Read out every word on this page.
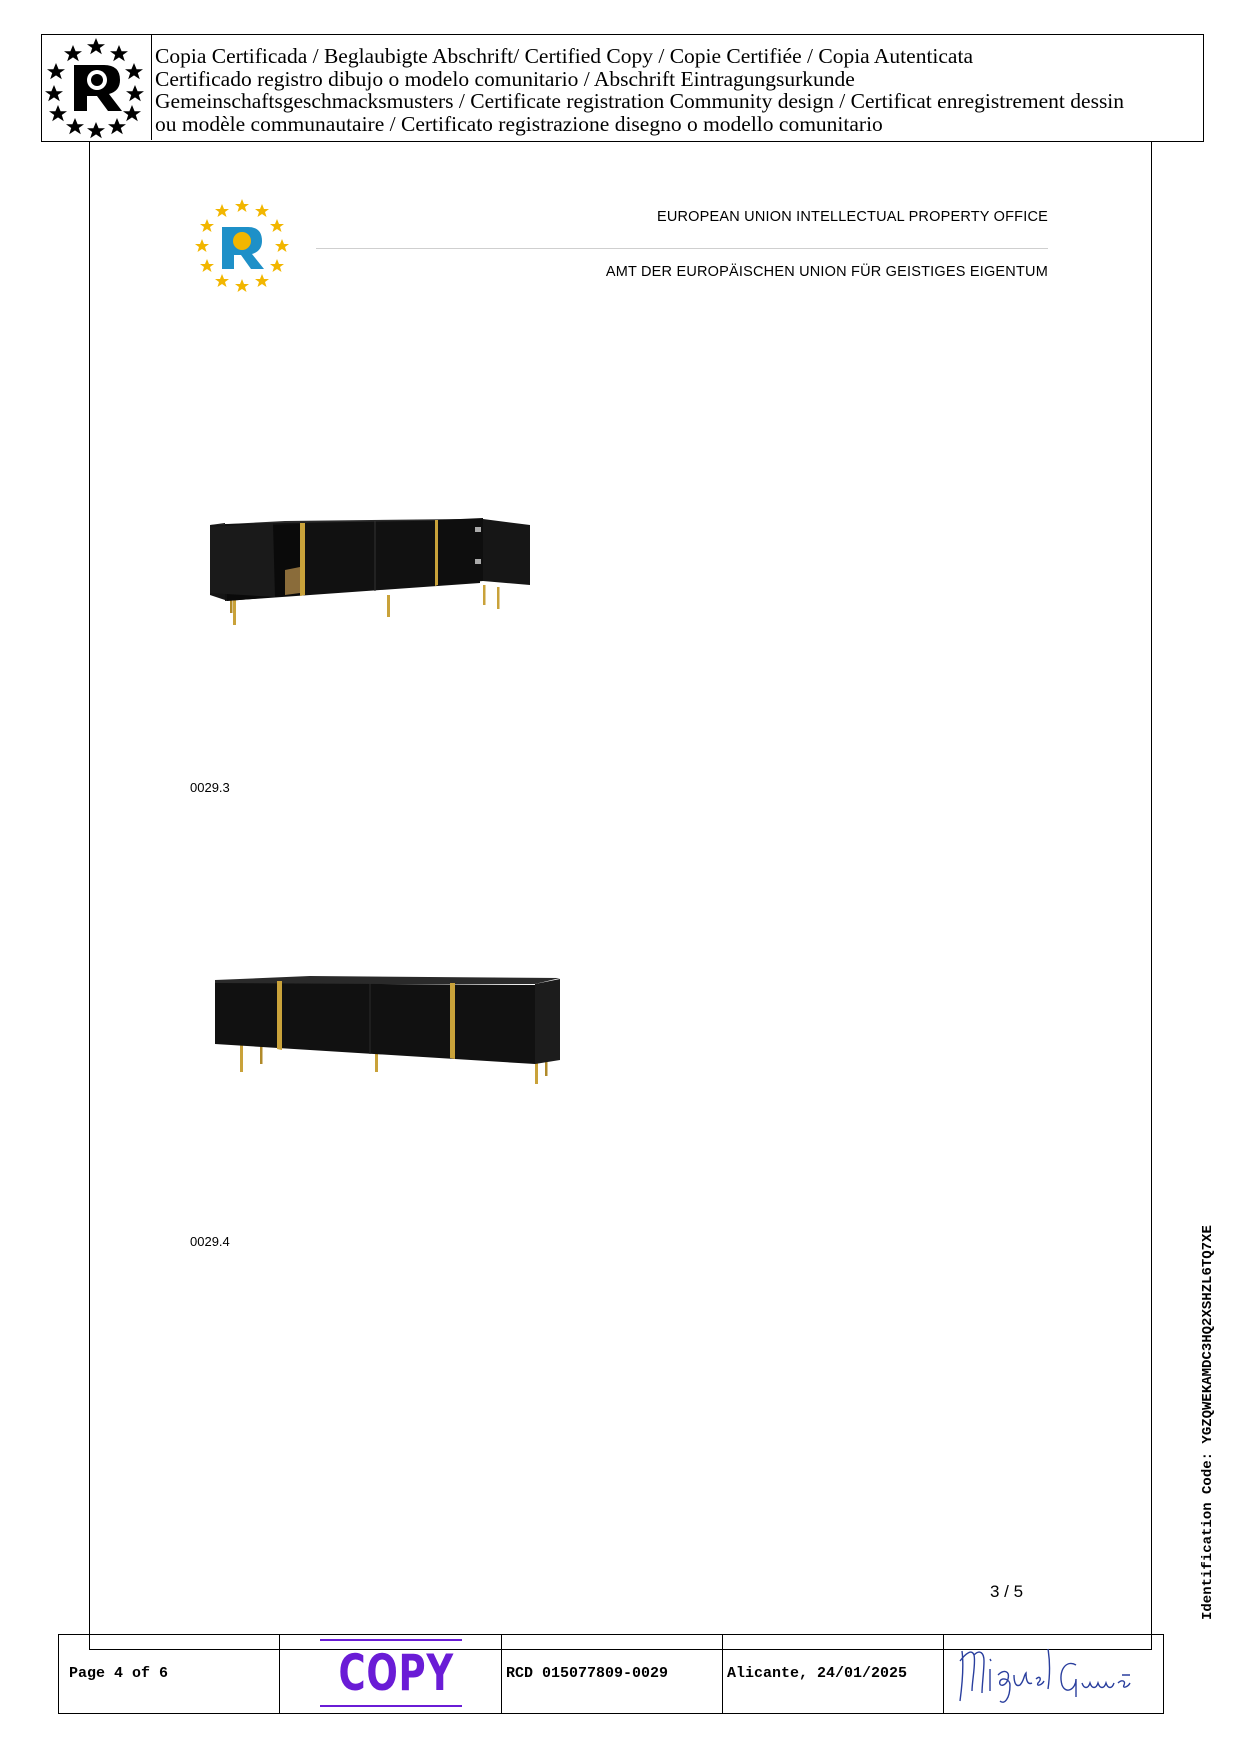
Copia Certificada / Beglaubigte Abschrift/ Certified Copy / Copie Certifiée / Copia Autenticata
Certificado registro dibujo o modelo comunitario / Abschrift Eintragungsurkunde
Gemeinschaftsgeschmacksmusters / Certificate registration Community design / Certificat enregistrement dessin
ou modèle communautaire / Certificato registrazione disegno o modello comunitario
EUROPEAN UNION INTELLECTUAL PROPERTY OFFICE
AMT DER EUROPÄISCHEN UNION FÜR GEISTIGES EIGENTUM
0029.3
0029.4
3 / 5	Identification Code: YGZQWEKAMDC3HQ2XSHZL6TQ7XE
Page 4 of 6	COPY	RCD 015077809-0029	Alicante, 24/01/2025
